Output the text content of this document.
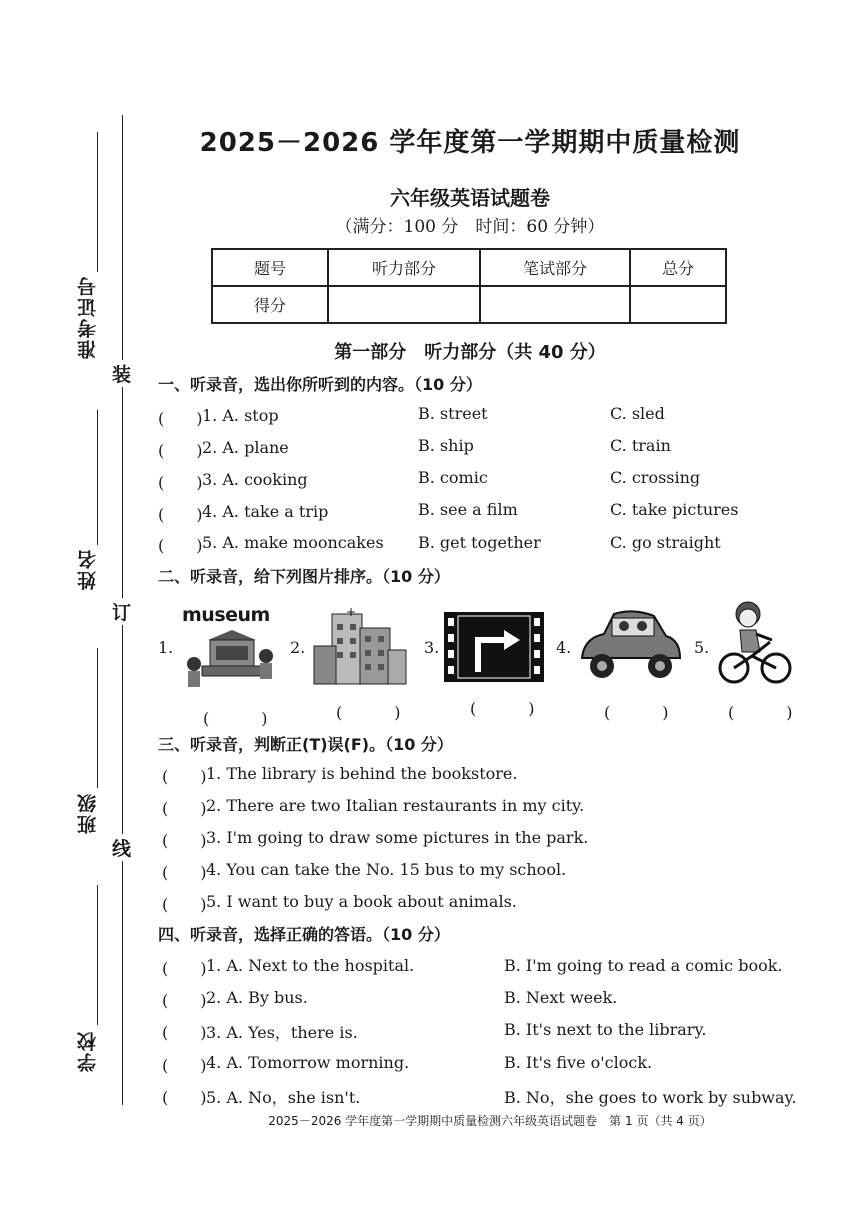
准考证号
姓名
班级
学校
装
订
线
2025－2026 学年度第一学期期中质量检测
六年级英语试题卷
（满分：100 分　时间：60 分钟）
题号	听力部分	笔试部分	总分
得分			
第一部分　听力部分（共 40 分）
一、听录音，选出你所听到的内容。（10 分）
(　　) 1. A. stop	B. street	C. sled
(　　) 2. A. plane	B. ship	C. train
(　　) 3. A. cooking	B. comic	C. crossing
(　　) 4. A. take a trip	B. see a film	C. take pictures
(　　) 5. A. make mooncakes B. get together	C. go straight
二、听录音，给下列图片排序。（10 分）
1.
museum
(　)
2.
+
(　)
3.
(　)
4.
(　)
5.
(　)
三、听录音，判断正(T)误(F)。（10 分）
(　　) 1. The library is behind the bookstore.
(　　) 2. There are two Italian restaurants in my city.
(　　) 3. I'm going to draw some pictures in the park.
(　　) 4. You can take the No. 15 bus to my school.
(　　) 5. I want to buy a book about animals.
四、听录音，选择正确的答语。（10 分）
(　　) 1. A. Next to the hospital.	B. I'm going to read a comic book.
(　　) 2. A. By bus.	B. Next week.
(　　) 3. A. Yes，there is.	B. It's next to the library.
(　　) 4. A. Tomorrow morning.	B. It's five o'clock.
(　　) 5. A. No，she isn't.	B. No，she goes to work by subway.
2025－2026 学年度第一学期期中质量检测六年级英语试题卷　第 1 页（共 4 页）
